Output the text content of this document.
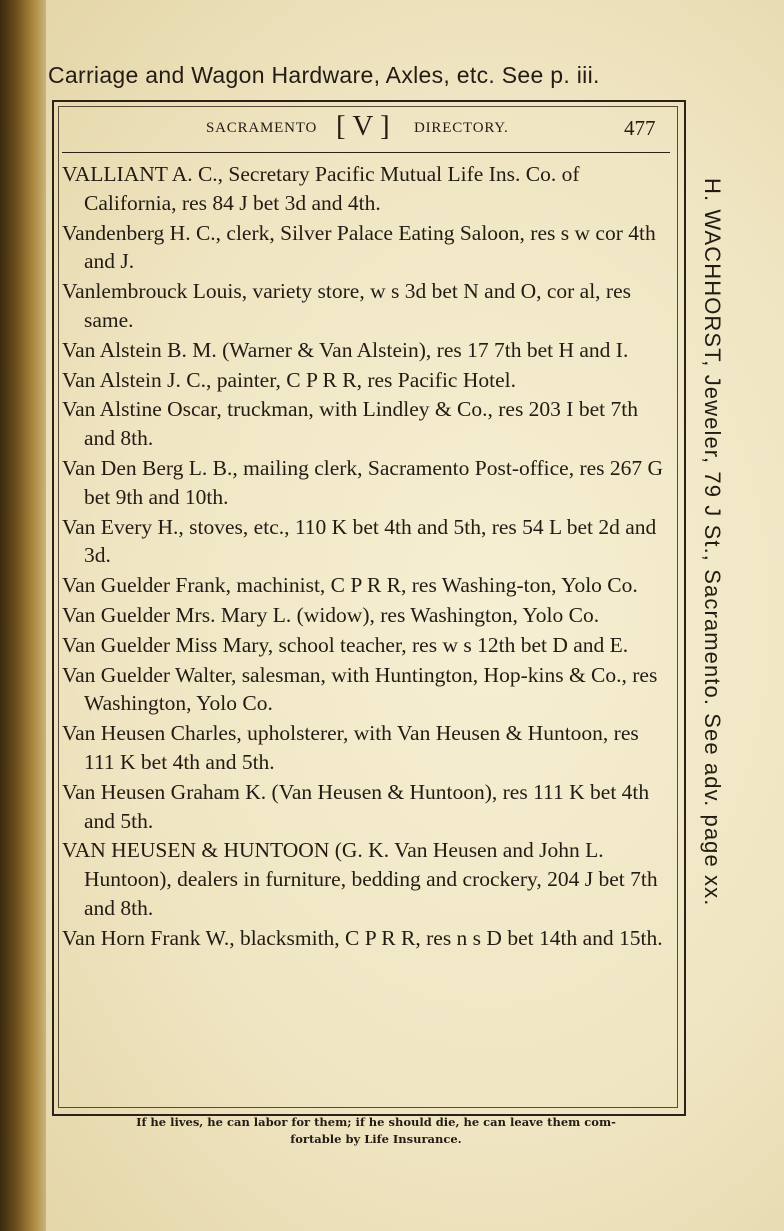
Carriage and Wagon Hardware, Axles, etc. See p. iii.
SACRAMENTO [ V ] DIRECTORY.	477

VALLIANT A. C., Secretary Pacific Mutual Life Ins. Co. of California, res 84 J bet 3d and 4th.

Vandenberg H. C., clerk, Silver Palace Eating Saloon, res s w cor 4th and J.

Vanlembrouck Louis, variety store, w s 3d bet N and O, cor al, res same.

Van Alstein B. M. (Warner & Van Alstein), res 17 7th bet H and I.

Van Alstein J. C., painter, C P R R, res Pacific Hotel.

Van Alstine Oscar, truckman, with Lindley & Co., res 203 I bet 7th and 8th.

Van Den Berg L. B., mailing clerk, Sacramento Post-office, res 267 G bet 9th and 10th.

Van Every H., stoves, etc., 110 K bet 4th and 5th, res 54 L bet 2d and 3d.

Van Guelder Frank, machinist, C P R R, res Washing-ton, Yolo Co.

Van Guelder Mrs. Mary L. (widow), res Washington, Yolo Co.

Van Guelder Miss Mary, school teacher, res w s 12th bet D and E.

Van Guelder Walter, salesman, with Huntington, Hop-kins & Co., res Washington, Yolo Co.

Van Heusen Charles, upholsterer, with Van Heusen & Huntoon, res 111 K bet 4th and 5th.

Van Heusen Graham K. (Van Heusen & Huntoon), res 111 K bet 4th and 5th.

VAN HEUSEN & HUNTOON (G. K. Van Heusen and John L. Huntoon), dealers in furniture, bedding and crockery, 204 J bet 7th and 8th.

Van Horn Frank W., blacksmith, C P R R, res n s D bet 14th and 15th.

H. WACHHORST, Jeweler, 79 J St., Sacramento. See adv. page xx.
If he lives, he can labor for them; if he should die, he can leave them com-
fortable by Life Insurance.
